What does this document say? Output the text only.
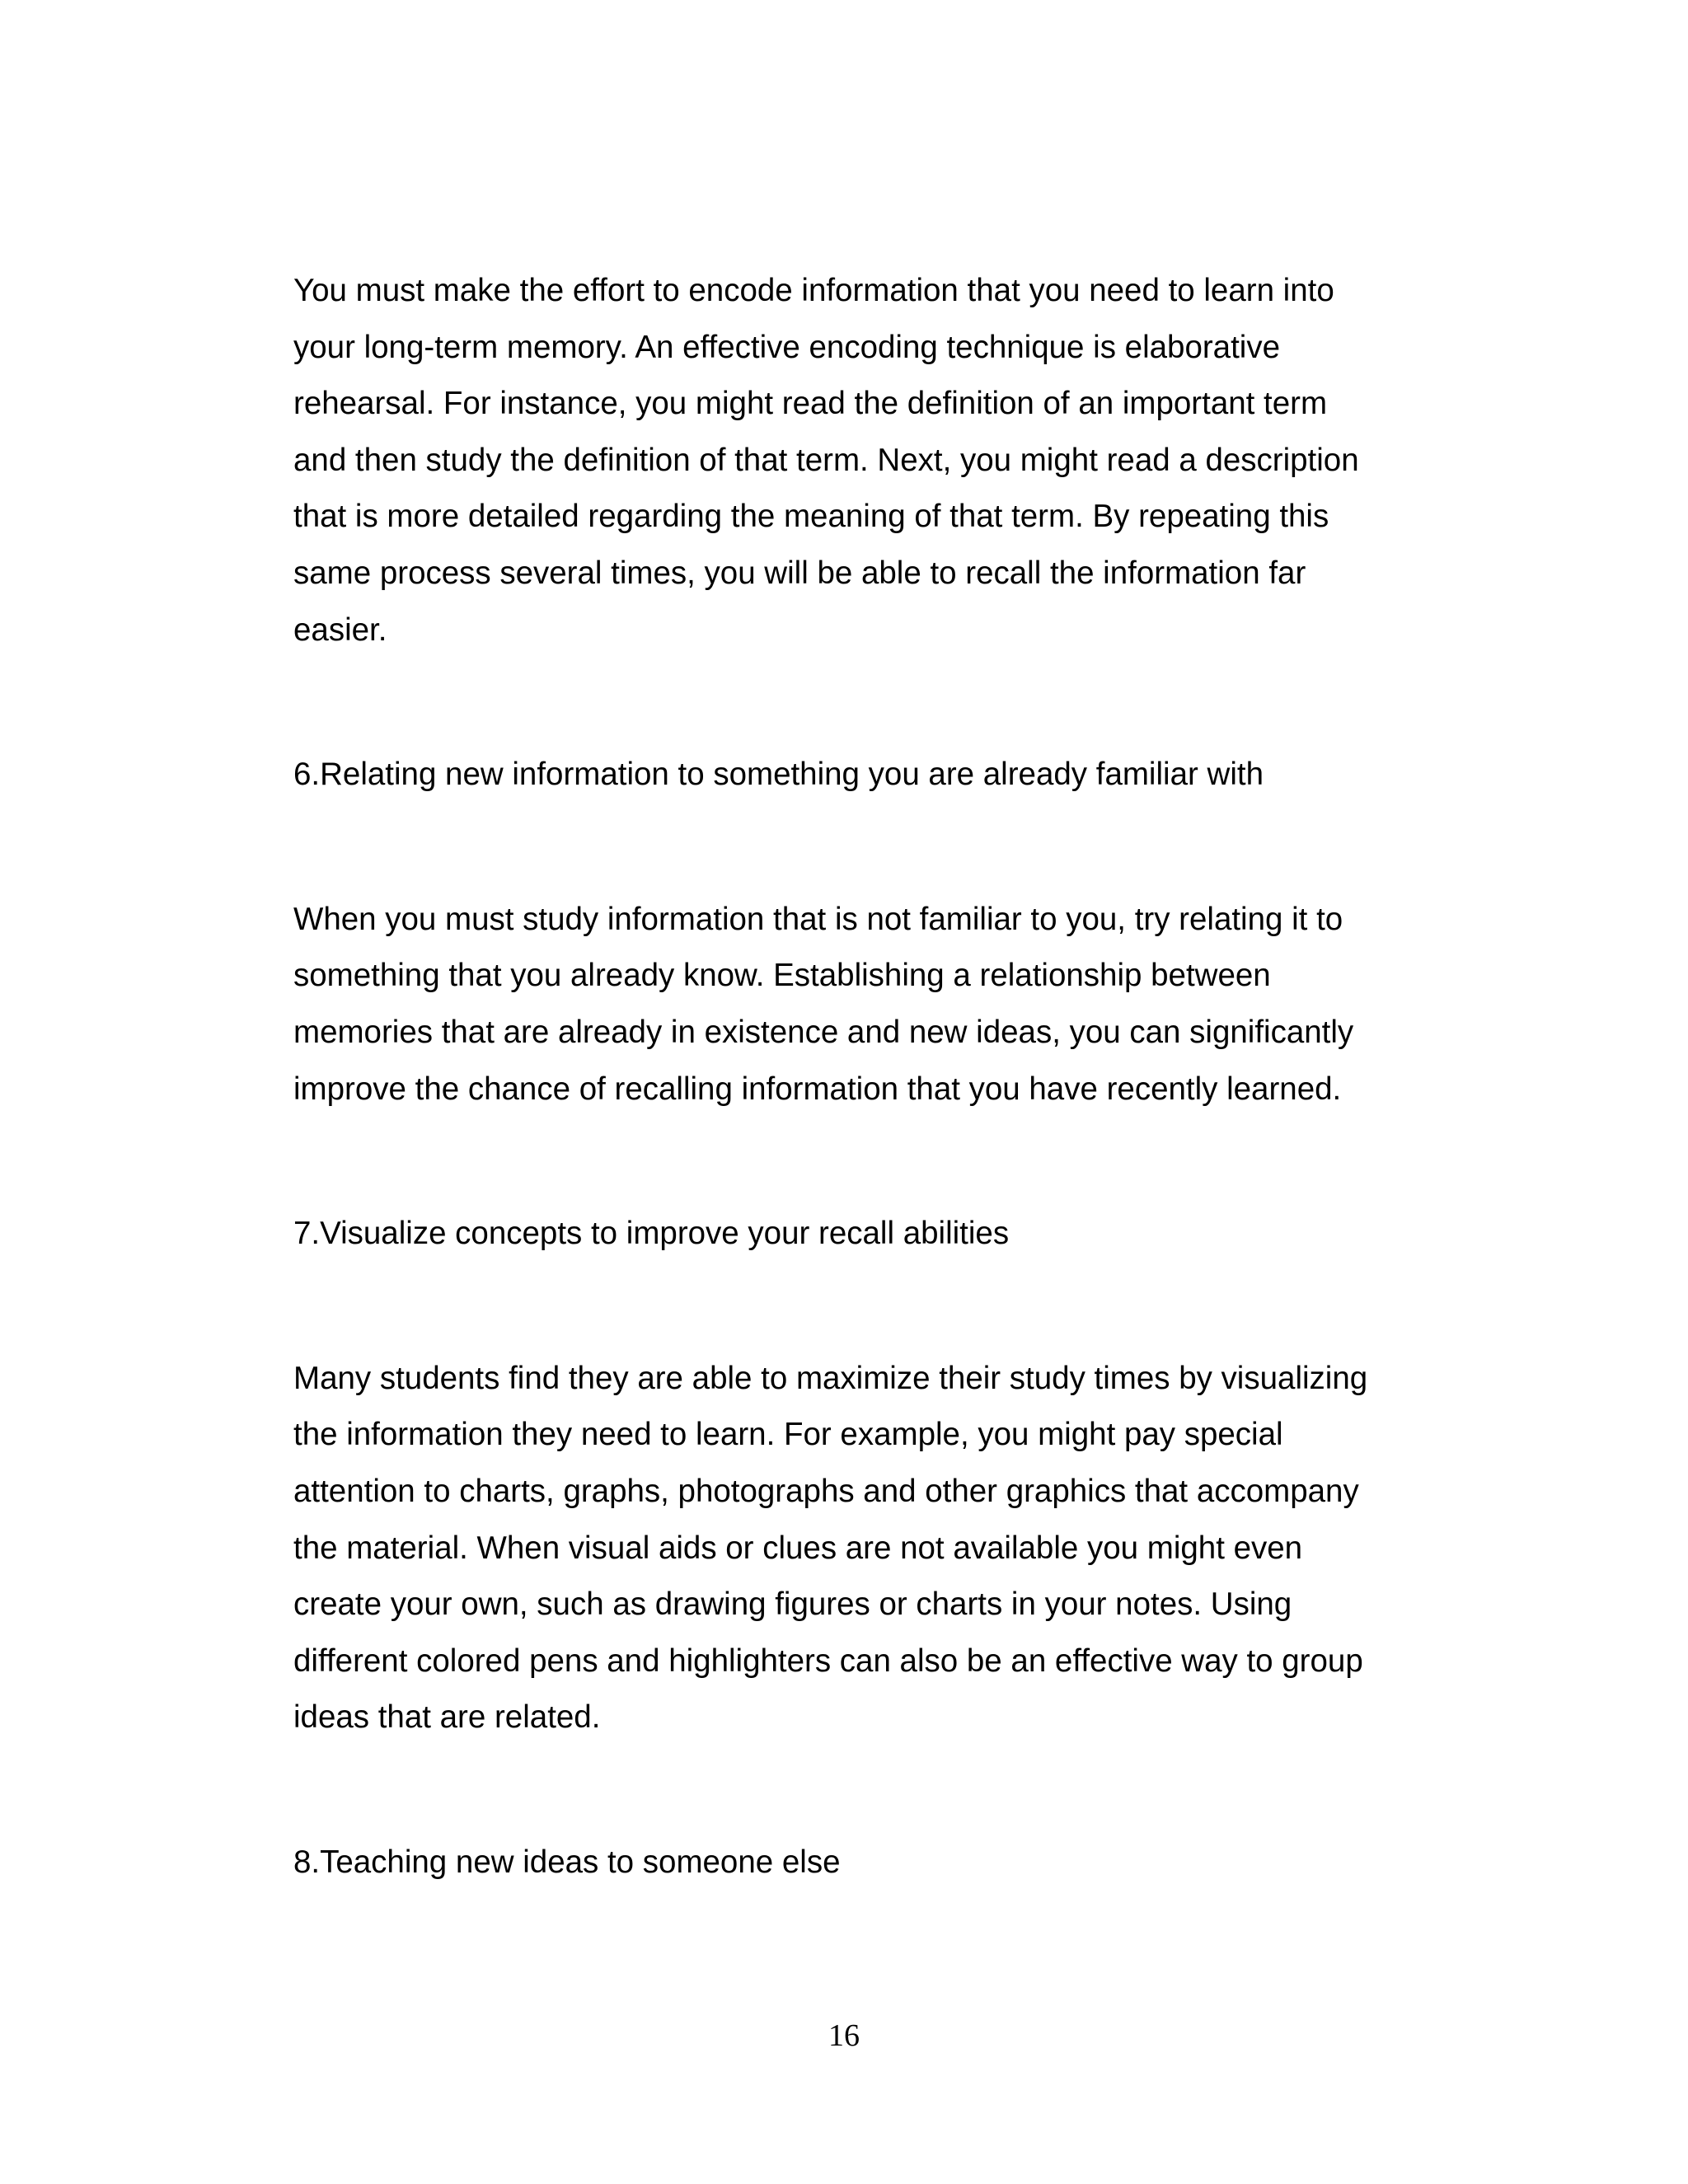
You must make the effort to encode information that you need to learn into
your long-term memory. An effective encoding technique is elaborative
rehearsal. For instance, you might read the definition of an important term
and then study the definition of that term. Next, you might read a description
that is more detailed regarding the meaning of that term. By repeating this
same process several times, you will be able to recall the information far
easier.

6.Relating new information to something you are already familiar with

When you must study information that is not familiar to you, try relating it to
something that you already know. Establishing a relationship between
memories that are already in existence and new ideas, you can significantly
improve the chance of recalling information that you have recently learned.

7.Visualize concepts to improve your recall abilities

Many students find they are able to maximize their study times by visualizing
the information they need to learn. For example, you might pay special
attention to charts, graphs, photographs and other graphics that accompany
the material. When visual aids or clues are not available you might even
create your own, such as drawing figures or charts in your notes. Using
different colored pens and highlighters can also be an effective way to group
ideas that are related.

8.Teaching new ideas to someone else

16
